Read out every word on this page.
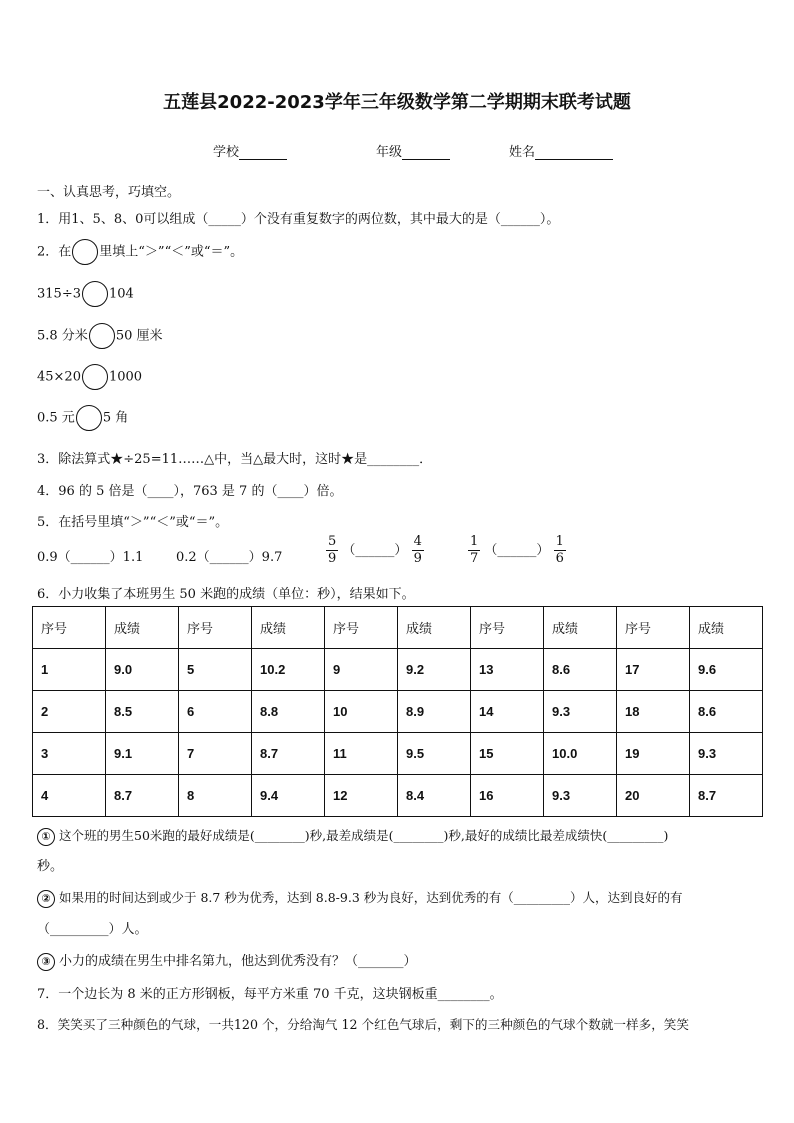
五莲县2022-2023学年三年级数学第二学期期末联考试题
学校	年级	姓名
一、认真思考，巧填空。
1．用1、5、8、0可以组成（_____）个没有重复数字的两位数，其中最大的是（______）。
2．在 里填上“＞”“＜”或“＝”。
315÷3 104
5.8 分米 50 厘米
45×20 1000
0.5 元 5 角
3．除法算式★÷25=11……△中，当△最大时，这时★是________．
4．96 的 5 倍是（____），763 是 7 的（____）倍。
5．在括号里填“＞”“＜”或“＝”。
0.9（______）1.1	0.2（______）9.7	$\frac{5}{9}$ （______） $\frac{4}{9}$	$\frac{1}{7}$ （______） $\frac{1}{6}$
6．小力收集了本班男生 50 米跑的成绩（单位：秒），结果如下。
序号	成绩	序号	成绩	序号	成绩	序号	成绩	序号	成绩
1	9.0	5	10.2	9	9.2	13	8.6	17	9.6
2	8.5	6	8.8	10	8.9	14	9.3	18	8.6
3	9.1	7	8.7	11	9.5	15	10.0	19	9.3
4	8.7	8	9.4	12	8.4	16	9.3	20	8.7
① 这个班的男生50米跑的最好成绩是(________)秒,最差成绩是(________)秒,最好的成绩比最差成绩快(_________)
秒。
② 如果用的时间达到或少于 8.7 秒为优秀，达到 8.8-9.3 秒为良好，达到优秀的有（_________）人，达到良好的有
（_________）人。
③ 小力的成绩在男生中排名第九，他达到优秀没有？（_______）
7．一个边长为 8 米的正方形钢板，每平方米重 70 千克，这块钢板重________。
8．笑笑买了三种颜色的气球，一共120 个，分给淘气 12 个红色气球后，剩下的三种颜色的气球个数就一样多，笑笑
